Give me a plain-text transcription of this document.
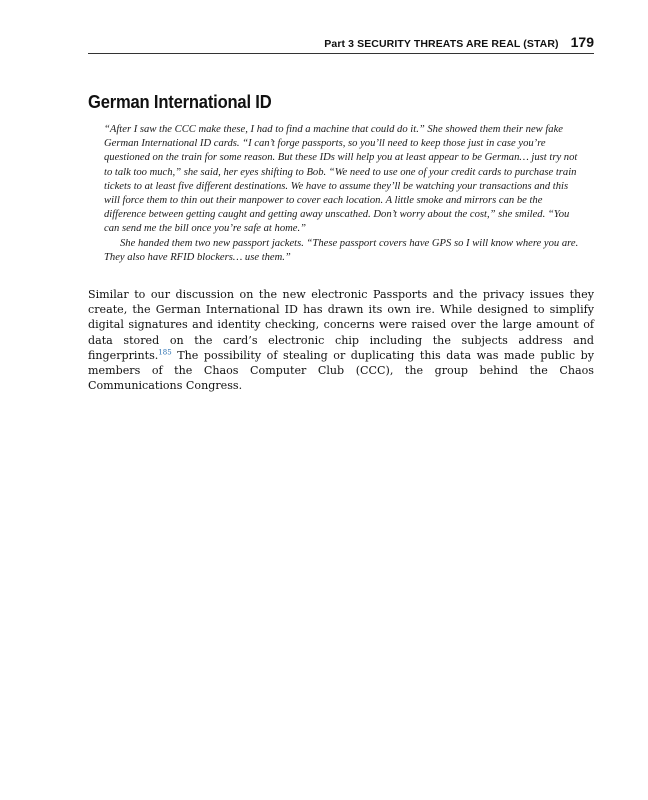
Part 3 SECURITY THREATS ARE REAL (STAR) 179
German International ID

“After I saw the CCC make these, I had to find a machine that could do it.” She showed them their new fake German International ID cards. “I can’t forge passports, so you’ll need to keep those just in case you’re questioned on the train for some reason. But these IDs will help you at least appear to be German… just try not to talk too much,” she said, her eyes shifting to Bob. “We need to use one of your credit cards to purchase train tickets to at least five different destinations. We have to assume they’ll be watching your transactions and this will force them to thin out their manpower to cover each location. A little smoke and mirrors can be the difference between getting caught and getting away unscathed. Don’t worry about the cost,” she smiled. “You can send me the bill once you’re safe at home.”

She handed them two new passport jackets. “These passport covers have GPS so I will know where you are. They also have RFID blockers… use them.”

Similar to our discussion on the new electronic Passports and the privacy issues they create, the German International ID has drawn its own ire. While designed to simplify digital signatures and identity checking, concerns were raised over the large amount of data stored on the card’s electronic chip including the subjects address and fingerprints.$^{185}$ The possibility of stealing or duplicating this data was made public by members of the Chaos Computer Club (CCC), the group behind the Chaos Communications Congress.
